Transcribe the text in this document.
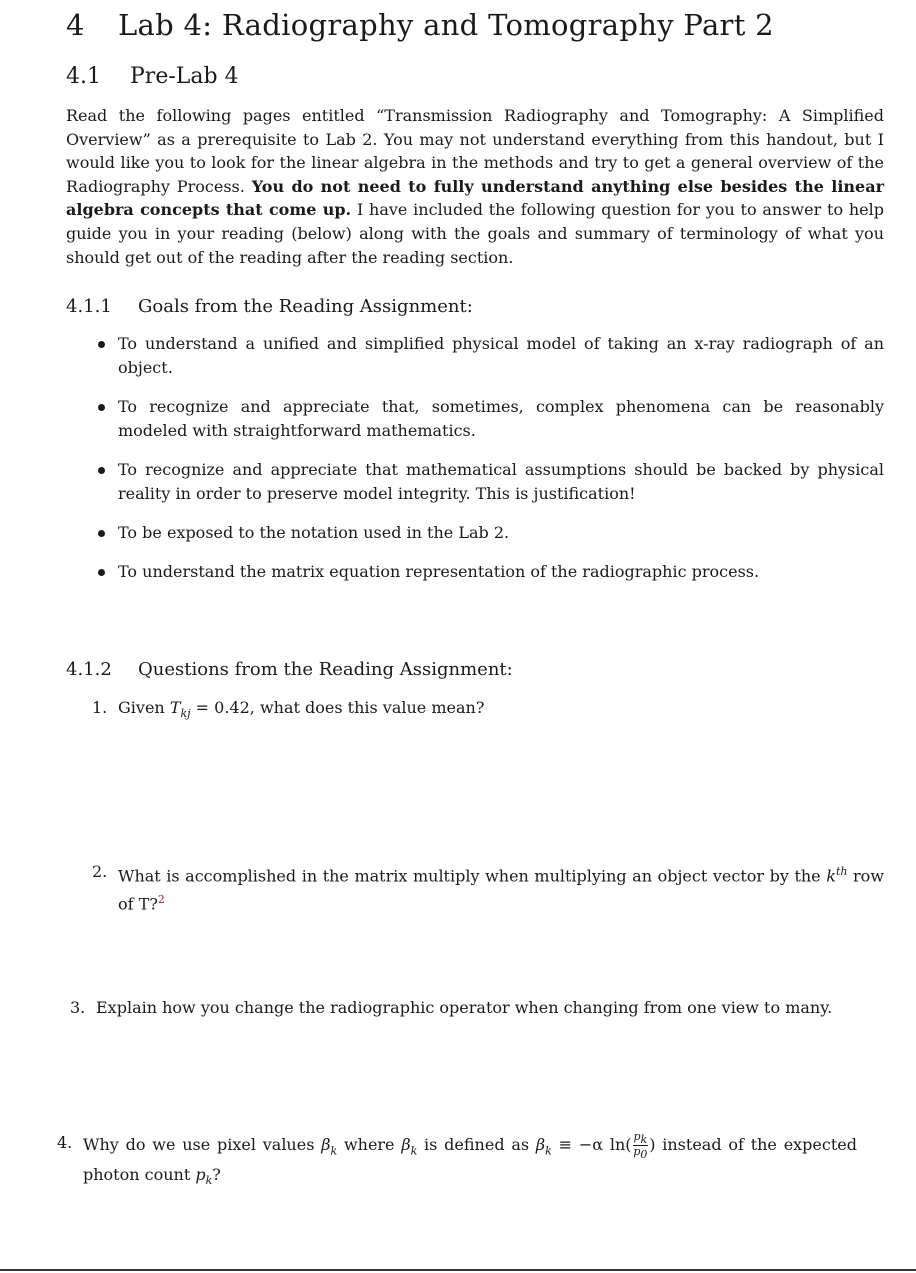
4 Lab 4: Radiography and Tomography Part 2
4.1 Pre-Lab 4
Read the following pages entitled “Transmission Radiography and Tomography: A Simplified Overview” as a prerequisite to Lab 2. You may not understand everything from this handout, but I would like you to look for the linear algebra in the methods and try to get a general overview of the Radiography Process. You do not need to fully understand anything else besides the linear algebra concepts that come up. I have included the following question for you to answer to help guide you in your reading (below) along with the goals and summary of terminology of what you should get out of the reading after the reading section.
4.1.1 Goals from the Reading Assignment:
To understand a unified and simplified physical model of taking an x-ray radiograph of an object.
To recognize and appreciate that, sometimes, complex phenomena can be reasonably modeled with straightforward mathematics.
To recognize and appreciate that mathematical assumptions should be backed by physical reality in order to preserve model integrity. This is justification!
To be exposed to the notation used in the Lab 2.
To understand the matrix equation representation of the radiographic process.
4.1.2 Questions from the Reading Assignment:
1. Given $T_{kj} = 0.42$, what does this value mean?
2. What is accomplished in the matrix multiply when multiplying an object vector by the $k^{th}$ row of T?$^2$
3. Explain how you change the radiographic operator when changing from one view to many.
4. Why do we use pixel values $\beta_k$ where $\beta_k$ is defined as $\beta_k \equiv -\alpha$ $\ln( \frac{p_k}{p_0}$ ) instead of the expected photon count $p_k$?
